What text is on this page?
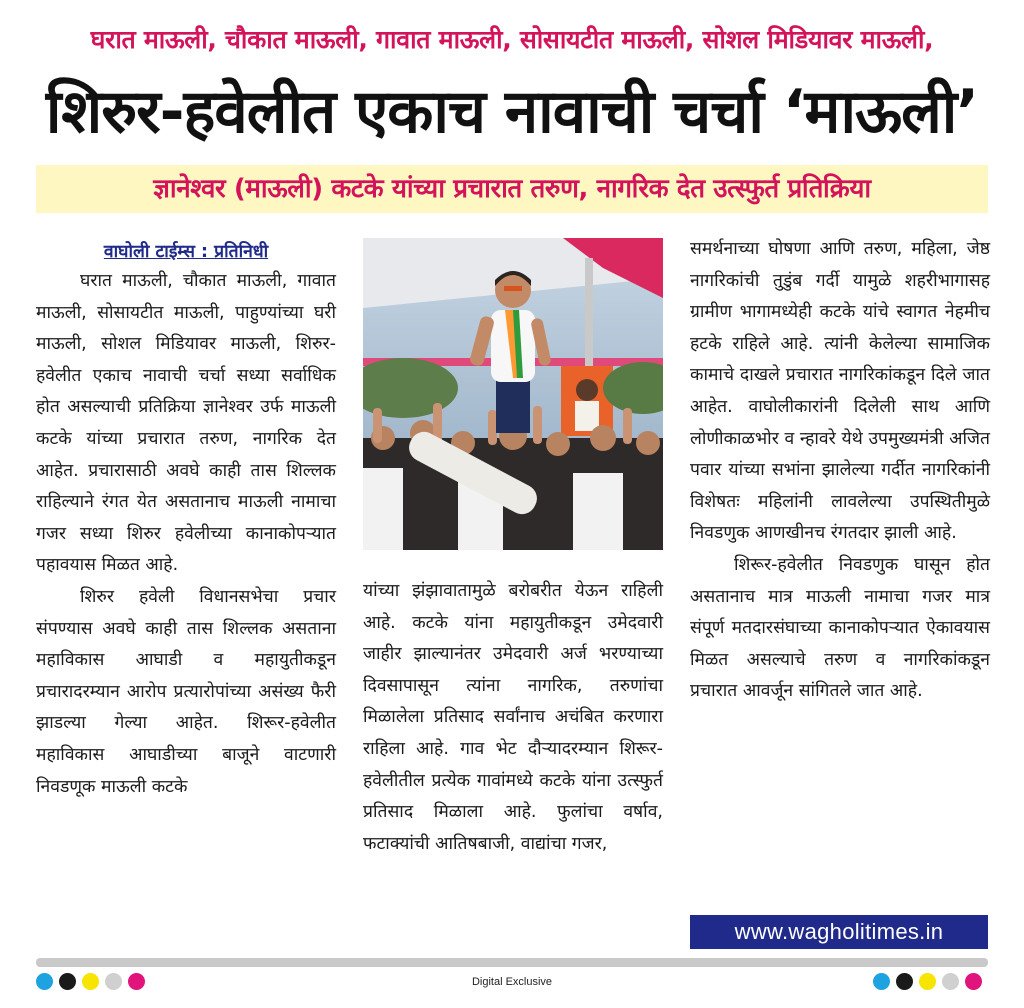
घरात माऊली, चौकात माऊली, गावात माऊली, सोसायटीत माऊली, सोशल मिडियावर माऊली,
शिरुर-हवेलीत एकाच नावाची चर्चा ‘माऊली’
ज्ञानेश्वर (माऊली) कटके यांच्या प्रचारात तरुण, नागरिक देत उत्स्फुर्त प्रतिक्रिया
वाघोली टाईम्स : प्रतिनिधी

घरात माऊली, चौकात माऊली, गावात माऊली, सोसायटीत माऊली, पाहुण्यांच्या घरी माऊली, सोशल मिडियावर माऊली, शिरुर-हवेलीत एकाच नावाची चर्चा सध्या सर्वाधिक होत असल्याची प्रतिक्रिया ज्ञानेश्वर उर्फ माऊली कटके यांच्या प्रचारात तरुण, नागरिक देत आहेत. प्रचारासाठी अवघे काही तास शिल्लक राहिल्याने रंगत येत असतानाच माऊली नामाचा गजर सध्या शिरुर हवेलीच्या कानाकोपऱ्यात पहावयास मिळत आहे.

शिरुर हवेली विधानसभेचा प्रचार संपण्यास अवघे काही तास शिल्लक असताना महाविकास आघाडी व महायुतीकडून प्रचारादरम्यान आरोप प्रत्यारोपांच्या असंख्य फैरी झाडल्या गेल्या आहेत. शिरूर-हवेलीत महाविकास आघाडीच्या बाजूने वाटणारी निवडणूक माऊली कटके

यांच्या झंझावातामुळे बरोबरीत येऊन राहिली आहे. कटके यांना महायुतीकडून उमेदवारी जाहीर झाल्यानंतर उमेदवारी अर्ज भरण्याच्या दिवसापासून त्यांना नागरिक, तरुणांचा मिळालेला प्रतिसाद सर्वांनाच अचंबित करणारा राहिला आहे. गाव भेट दौऱ्यादरम्यान शिरूर-हवेलीतील प्रत्येक गावांमध्ये कटके यांना उत्स्फुर्त प्रतिसाद मिळाला आहे. फुलांचा वर्षाव, फटाक्यांची आतिषबाजी, वाद्यांचा गजर,

समर्थनाच्या घोषणा आणि तरुण, महिला, जेष्ठ नागरिकांची तुडुंब गर्दी यामुळे शहरीभागासह ग्रामीण भागामध्येही कटके यांचे स्वागत नेहमीच हटके राहिले आहे. त्यांनी केलेल्या सामाजिक कामाचे दाखले प्रचारात नागरिकांकडून दिले जात आहेत. वाघोलीकारांनी दिलेली साथ आणि लोणीकाळभोर व न्हावरे येथे उपमुख्यमंत्री अजित पवार यांच्या सभांना झालेल्या गर्दीत नागरिकांनी विशेषतः महिलांनी लावलेल्या उपस्थितीमुळे निवडणुक आणखीनच रंगतदार झाली आहे.

शिरूर-हवेलीत निवडणुक घासून होत असतानाच मात्र माऊली नामाचा गजर मात्र संपूर्ण मतदारसंघाच्या कानाकोपऱ्यात ऐकावयास मिळत असल्याचे तरुण व नागरिकांकडून प्रचारात आवर्जून सांगितले जात आहे.

www.wagholitimes.in
Digital Exclusive
